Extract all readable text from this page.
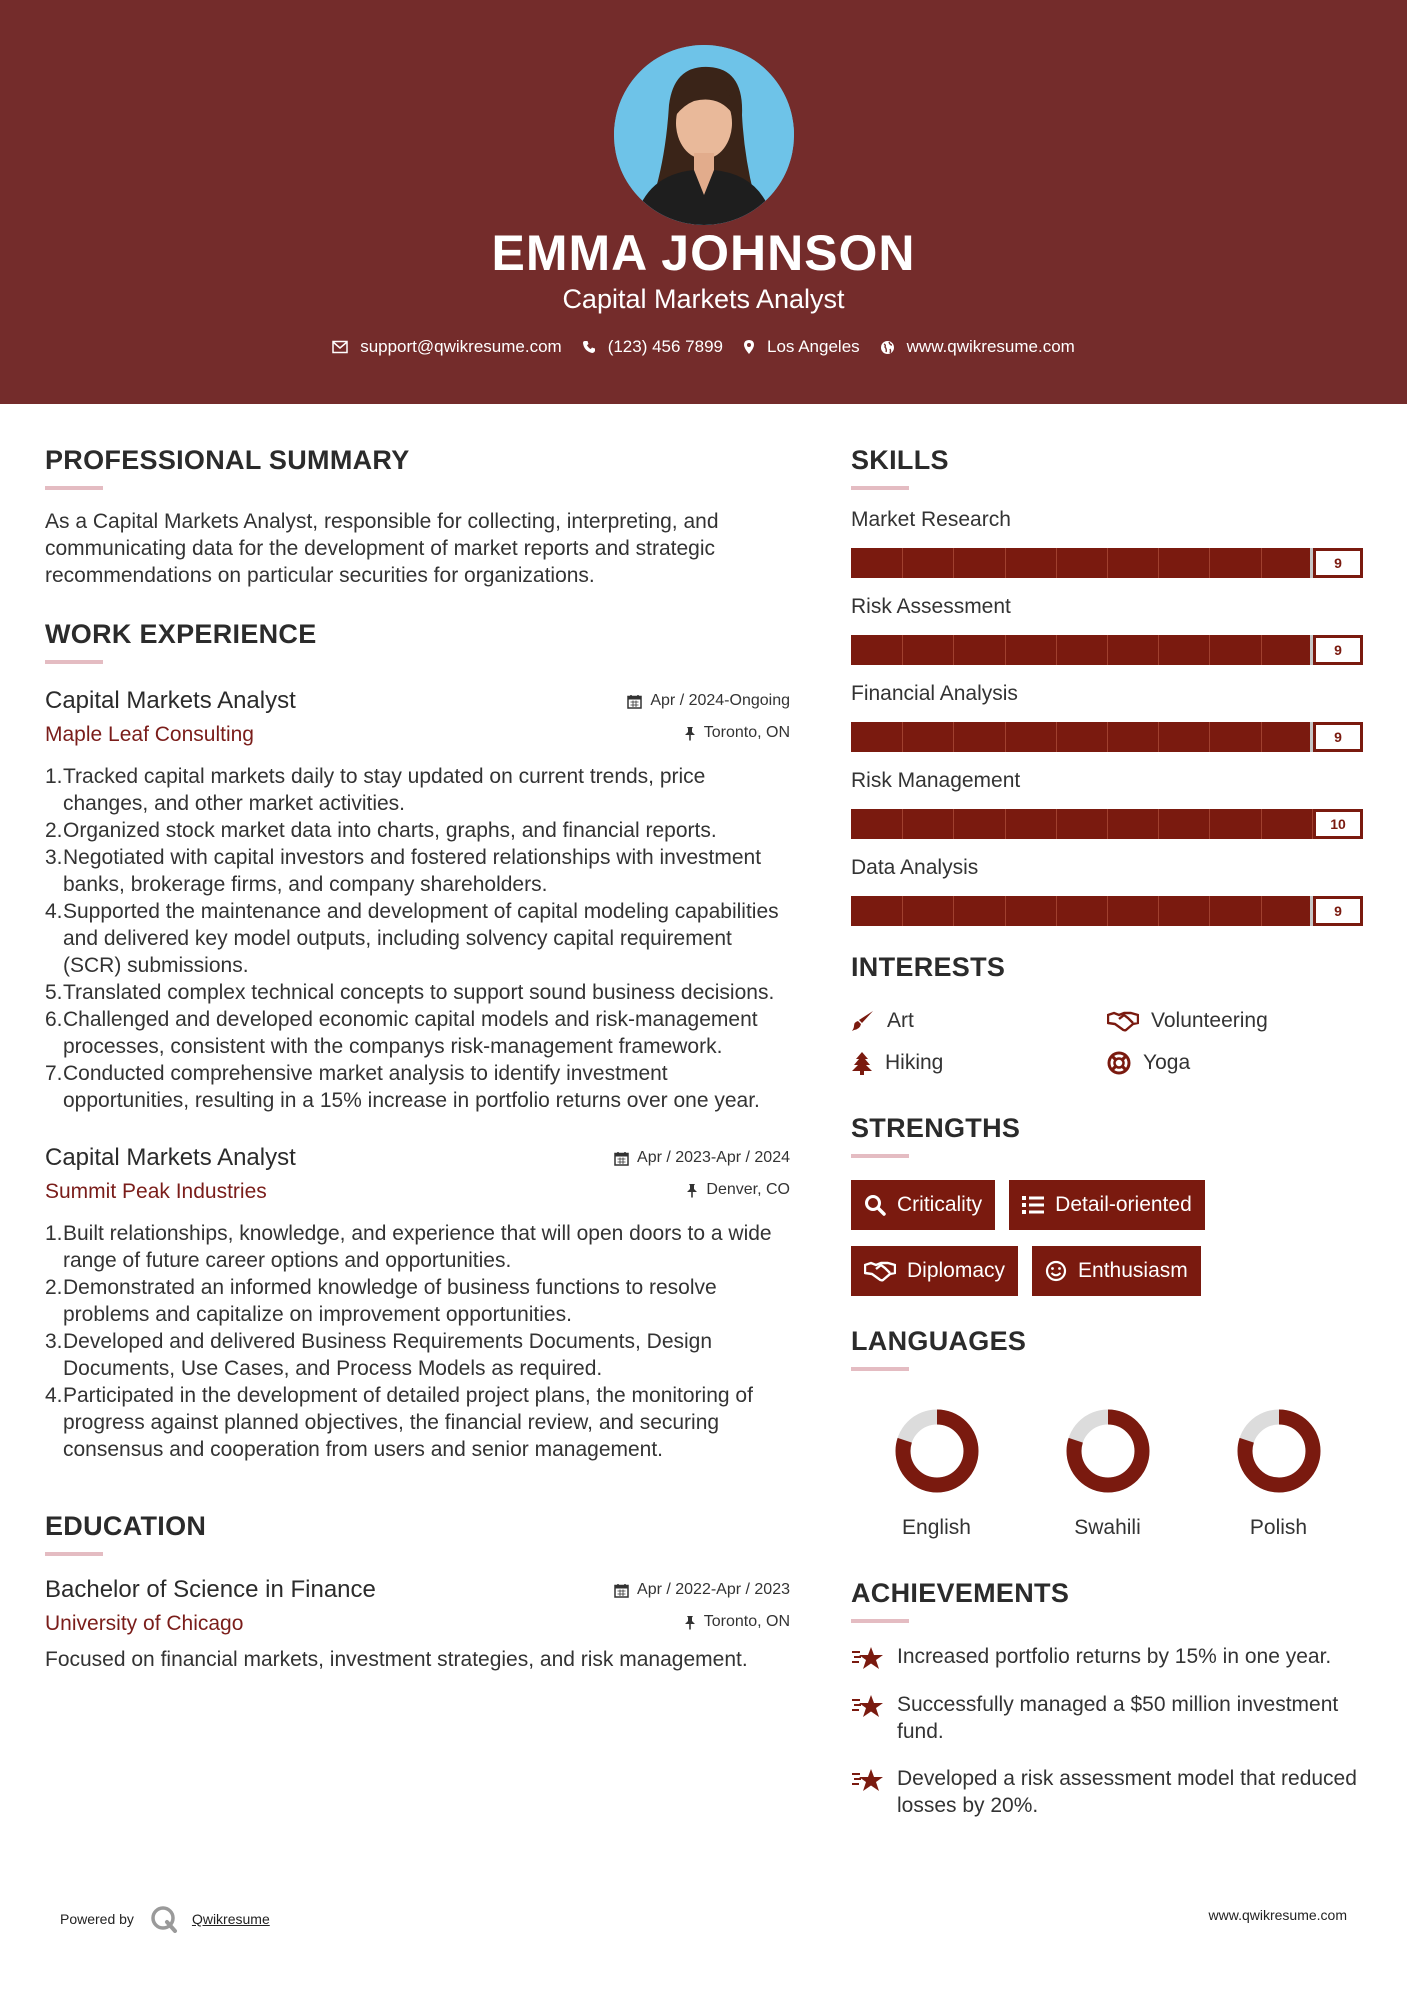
EMMA JOHNSON
Capital Markets Analyst
support@qwikresume.com	(123) 456 7899	Los Angeles	www.qwikresume.com
PROFESSIONAL SUMMARY

As a Capital Markets Analyst, responsible for collecting, interpreting, and communicating data for the development of market reports and strategic recommendations on particular securities for organizations.

WORK EXPERIENCE
Capital Markets Analyst
Maple Leaf Consulting
Apr / 2024-Ongoing
Toronto, ON
1. Tracked capital markets daily to stay updated on current trends, price changes, and other market activities.
2. Organized stock market data into charts, graphs, and financial reports.
3. Negotiated with capital investors and fostered relationships with investment banks, brokerage firms, and company shareholders.
4. Supported the maintenance and development of capital modeling capabilities and delivered key model outputs, including solvency capital requirement (SCR) submissions.
5. Translated complex technical concepts to support sound business decisions.
6. Challenged and developed economic capital models and risk-management processes, consistent with the companys risk-management framework.
7. Conducted comprehensive market analysis to identify investment opportunities, resulting in a 15% increase in portfolio returns over one year.
Capital Markets Analyst
Summit Peak Industries
Apr / 2023-Apr / 2024
Denver, CO
1. Built relationships, knowledge, and experience that will open doors to a wide range of future career options and opportunities.
2. Demonstrated an informed knowledge of business functions to resolve problems and capitalize on improvement opportunities.
3. Developed and delivered Business Requirements Documents, Design Documents, Use Cases, and Process Models as required.
4. Participated in the development of detailed project plans, the monitoring of progress against planned objectives, the financial review, and securing consensus and cooperation from users and senior management.
EDUCATION
Bachelor of Science in Finance
University of Chicago
Apr / 2022-Apr / 2023
Toronto, ON

Focused on financial markets, investment strategies, and risk management.

SKILLS
Market Research
9
Risk Assessment
9
Financial Analysis
9
Risk Management
10
Data Analysis
9
INTERESTS
Art	Volunteering
Hiking	Yoga
STRENGTHS
Criticality	Detail-oriented
Diplomacy	Enthusiasm
LANGUAGES
English	Swahili	Polish
ACHIEVEMENTS
Increased portfolio returns by 15% in one year.
Successfully managed a $50 million investment fund.
Developed a risk assessment model that reduced losses by 20%.
Powered by	Qwikresume	www.qwikresume.com
